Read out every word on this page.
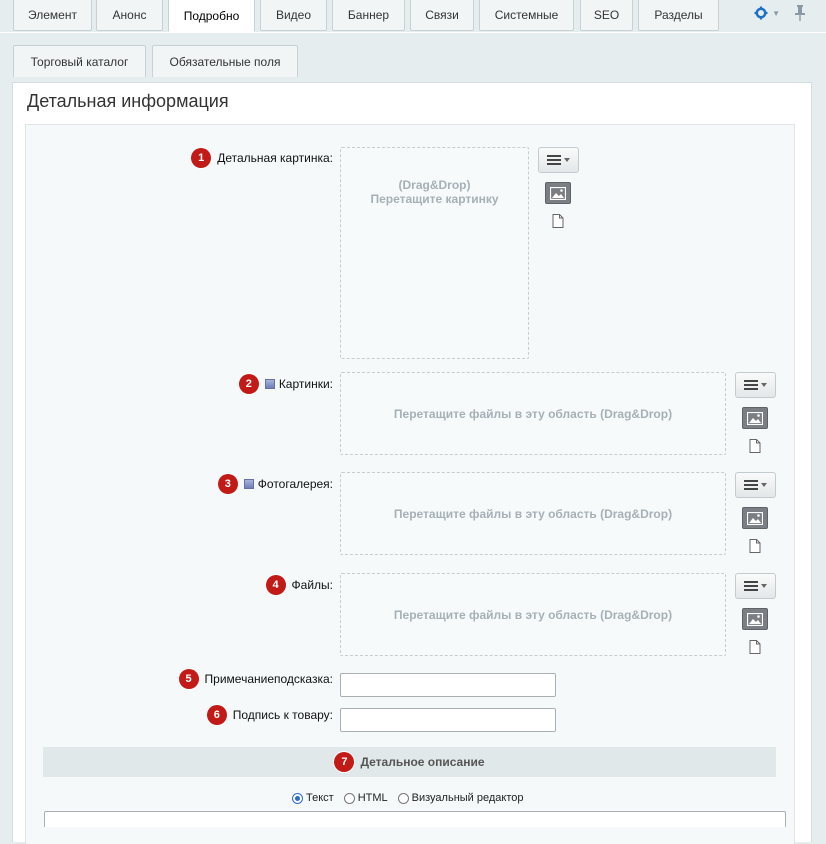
Элемент	Анонс	Подробно	Видео	Баннер	Связи	Системные	SEO	Разделы	▼
Торговый каталог	Обязательные поля
Детальная информация
1	Детальная картинка:
(Drag&Drop)
Перетащите картинку
2	Картинки:
Перетащите файлы в эту область (Drag&Drop)
3	Фотогалерея:
Перетащите файлы в эту область (Drag&Drop)
4	Файлы:
Перетащите файлы в эту область (Drag&Drop)
5	Примечаниеподсказка:
6	Подпись к товару:
7	Детальное описание
Текст HTML Визуальный редактор
